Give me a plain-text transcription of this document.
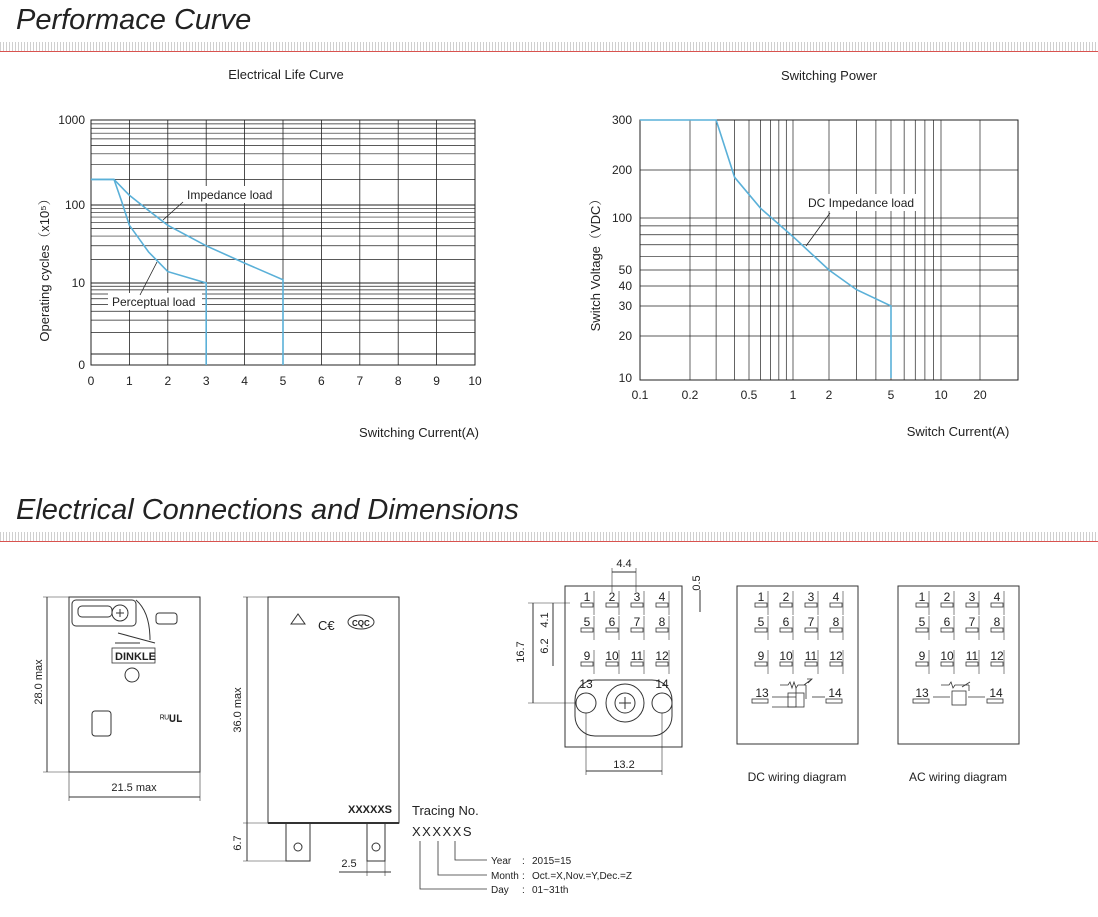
Performace Curve
Electrical Connections and Dimensions
Electrical Life Curve
0	1	2	3	4	5	6	7	8	9 10
0
10
100
1000
Operating cycles（x10⁵）
Switching Current(A)
Impedance load
Perceptual load
Switching Power
0.1	0.2	0.5	1 2	5	10 20
10
20
30
40
50
100
200
300
Switch Voltage（VDC）
Switch Current(A)
DC Impedance load
DINKLE
ᴿᵁ𝐔𝐋
28.0 max
21.5 max
C€ CQC
XXXXXS
36.0 max
6.7
2.5
Tracing No.
XXXXXS
Year : 2015=15
Month : Oct.=X,Nov.=Y,Dec.=Z
Day : 01~31th
1 2 3 4
5 6 7 8
9 10 11 12
13	14
4.4
0.5
4.1
16.7 6.2
13.2
1 2 3 4
5 6 7 8
9 10 11 12
13	14
DC wiring diagram
1 2 3 4
5 6 7 8
9 10 11 12
13	14
AC wiring diagram
